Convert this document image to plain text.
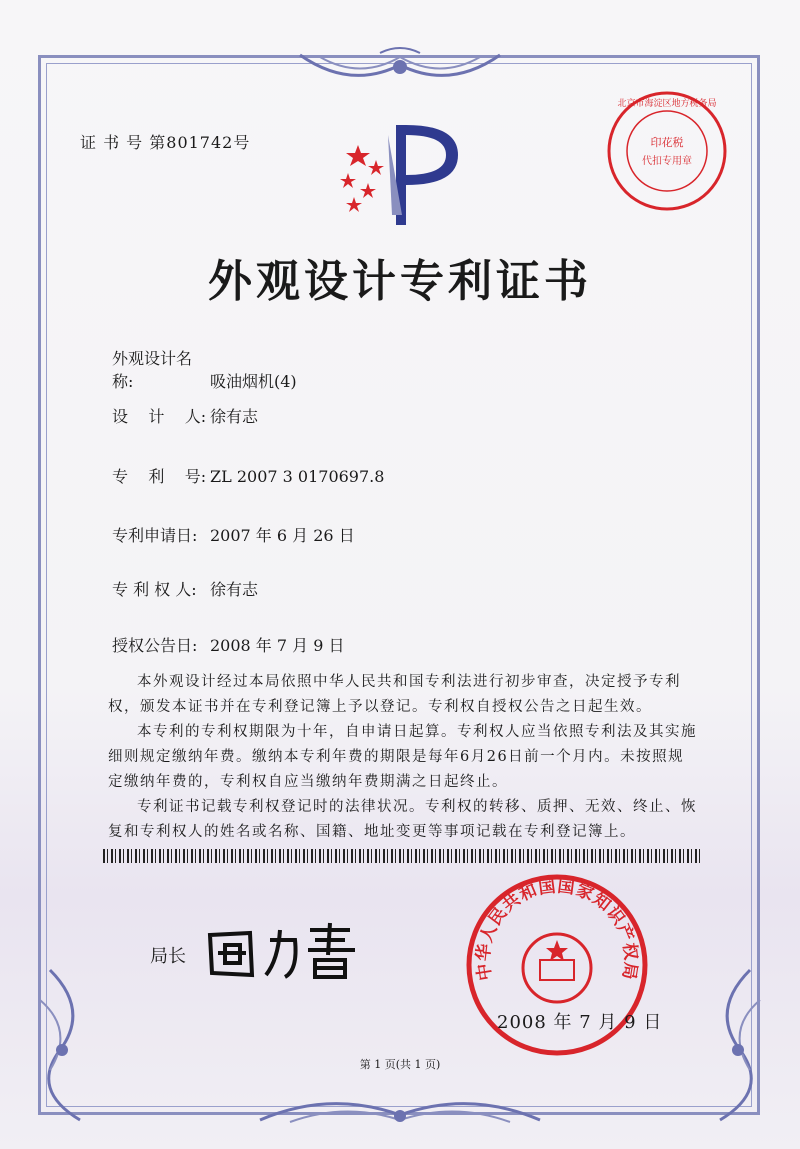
证 书 号 第801742号	印花税
代扣专用章
北京市海淀区地方税务局
外观设计专利证书
外观设计名称:	吸油烟机(4)
设    计    人: 徐有志
专    利    号: ZL 2007 3 0170697.8
专利申请日: 2007 年 6 月 26 日
专 利 权 人: 徐有志
授权公告日: 2008 年 7 月 9 日

本外观设计经过本局依照中华人民共和国专利法进行初步审查，决定授予专利权，颁发本证书并在专利登记簿上予以登记。专利权自授权公告之日起生效。

本专利的专利权期限为十年，自申请日起算。专利权人应当依照专利法及其实施细则规定缴纳年费。缴纳本专利年费的期限是每年6月26日前一个月内。未按照规定缴纳年费的，专利权自应当缴纳年费期满之日起终止。

专利证书记载专利权登记时的法律状况。专利权的转移、质押、无效、终止、恢复和专利权人的姓名或名称、国籍、地址变更等事项记载在专利登记簿上。

局长
中华人民共和国国家知识产权局
2008 年 7 月 9 日
第 1 页(共 1 页)
